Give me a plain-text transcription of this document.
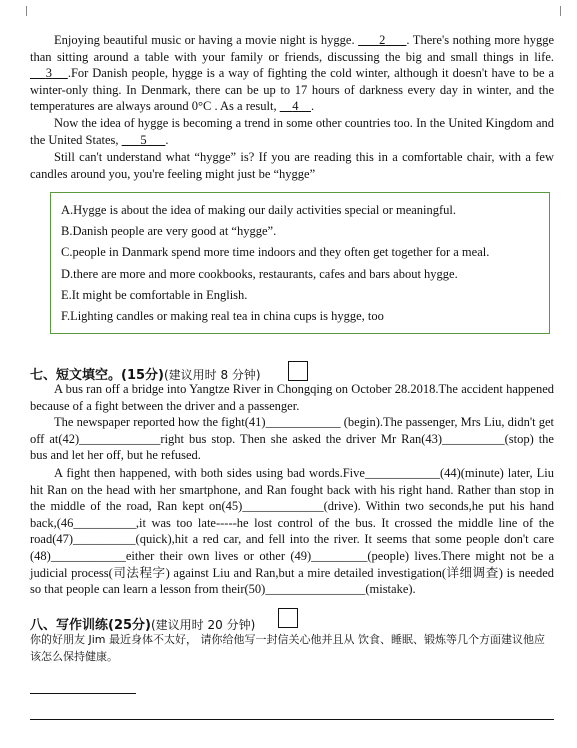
Enjoying beautiful music or having a movie night is hygge.       2 . There's nothing more hygge than sitting around a table with your family or friends, discussing the big and small things in life.     3 .For Danish people, hygge is a way of fighting the cold winter, although it doesn't have to be a winter-only thing. In Denmark, there can be up to 17 hours of darkness every day in winter, and the temperatures are always around 0°C . As a result,     4 .

Now the idea of hygge is becoming a trend in some other countries too. In the United Kingdom and the United States,       5 .

Still can't understand what “hygge” is? If you are reading this in a comfortable chair, with a few candles around you, you're feeling might just be “hygge”

A.Hygge is about the idea of making our daily activities special or meaningful.
B.Danish people are very good at “hygge”.
C.people in Danmark spend more time indoors and they often get together for a meal.
D.there are more and more cookbooks, restaurants, cafes and bars about hygge.
E.It might be comfortable in English.
F.Lighting candles or making real tea in china cups is hygge, too
七、短文填空。(15分)(建议用时 8 分钟)

A bus ran off a bridge into Yangtze River in Chongqing on October 28.2018.The accident happened because of a fight between the driver and a passenger.

The newspaper reported how the fight(41)____________ (begin).The passenger, Mrs Liu, didn't get off at(42)_____________right bus stop. Then she asked the driver Mr Ran(43)__________(stop) the bus and let her off, but he refused.

A fight then happened, with both sides using bad words.Five____________(44)(minute) later, Liu hit Ran on the head with her smartphone, and Ran fought back with his right hand. Rather than stop in the middle of the road, Ran kept on(45)_____________(drive). Within two seconds,he put his hand back,(46__________,it was too late-----he lost control of the bus. It crossed the middle line of the road(47)__________(quick),hit a red car, and fell into the river. It seems that some people don't care (48)____________either their own lives or other (49)_________(people) lives.There might not be a judicial process(司法程字) against Liu and Ran,but a mire detailed investigation(详细调查) is needed so that people can learn a lesson from their(50)________________(mistake).

八、写作训练(25分)(建议用时 20 分钟)

你的好朋友 Jim 最近身体不太好， 请你给他写一封信关心他并且从 饮食、睡眠、锻炼等几个方面建议他应该怎么保持健康。
